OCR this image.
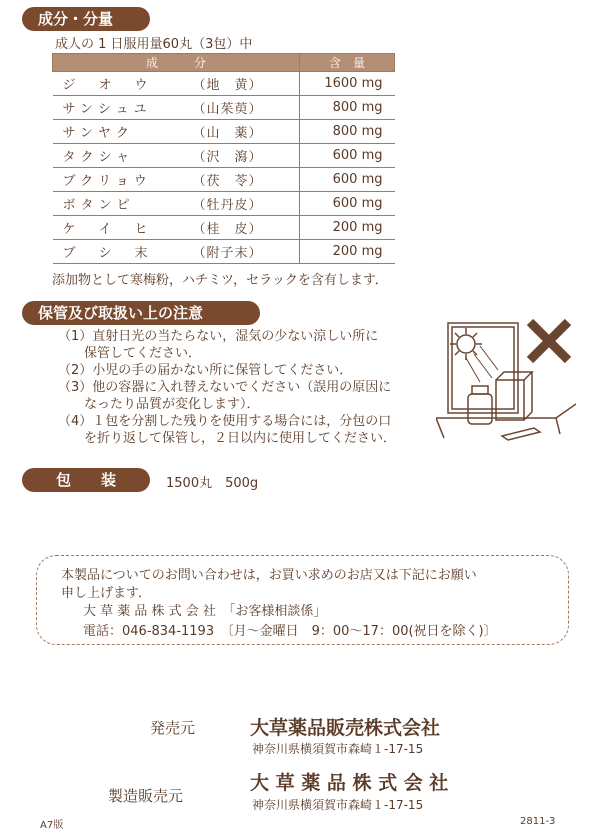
成分・分量
成人の 1 日服用量60丸（3包）中
成　　　分	含　量
ジ　オ　ウ （地　黄）	1600 mg
サンシュユ （山茱萸）	800 mg
サンヤク （山　薬）	800 mg
タクシャ （沢　瀉）	600 mg
ブクリョウ （茯　苓）	600 mg
ボタンピ （牡丹皮）	600 mg
ケ　イ　ヒ （桂　皮）	200 mg
ブ　シ　末 （附子末）	200 mg
添加物として寒梅粉，ハチミツ，セラックを含有します．
保管及び取扱い上の注意
（1）直射日光の当たらない，湿気の少ない涼しい所に
　　保管してください．
（2）小児の手の届かない所に保管してください．
（3）他の容器に入れ替えないでください（誤用の原因に
　　なったり品質が変化します）．
（4）１包を分割した残りを使用する場合には，分包の口
　　を折り返して保管し，２日以内に使用してください．
包　　装	1500丸　500g
本製品についてのお問い合わせは，お買い求めのお店又は下記にお願い
申し上げます．
大 草 薬 品 株 式 会 社　「お客様相談係」
電話：046-834-1193　〔月〜金曜日　9：00〜17：00(祝日を除く)〕
発売元	大草薬品販売株式会社
神奈川県横須賀市森崎１-17-15
製造販売元
大 草 薬 品 株 式 会 社
神奈川県横須賀市森崎１-17-15
A7版	2811-3
